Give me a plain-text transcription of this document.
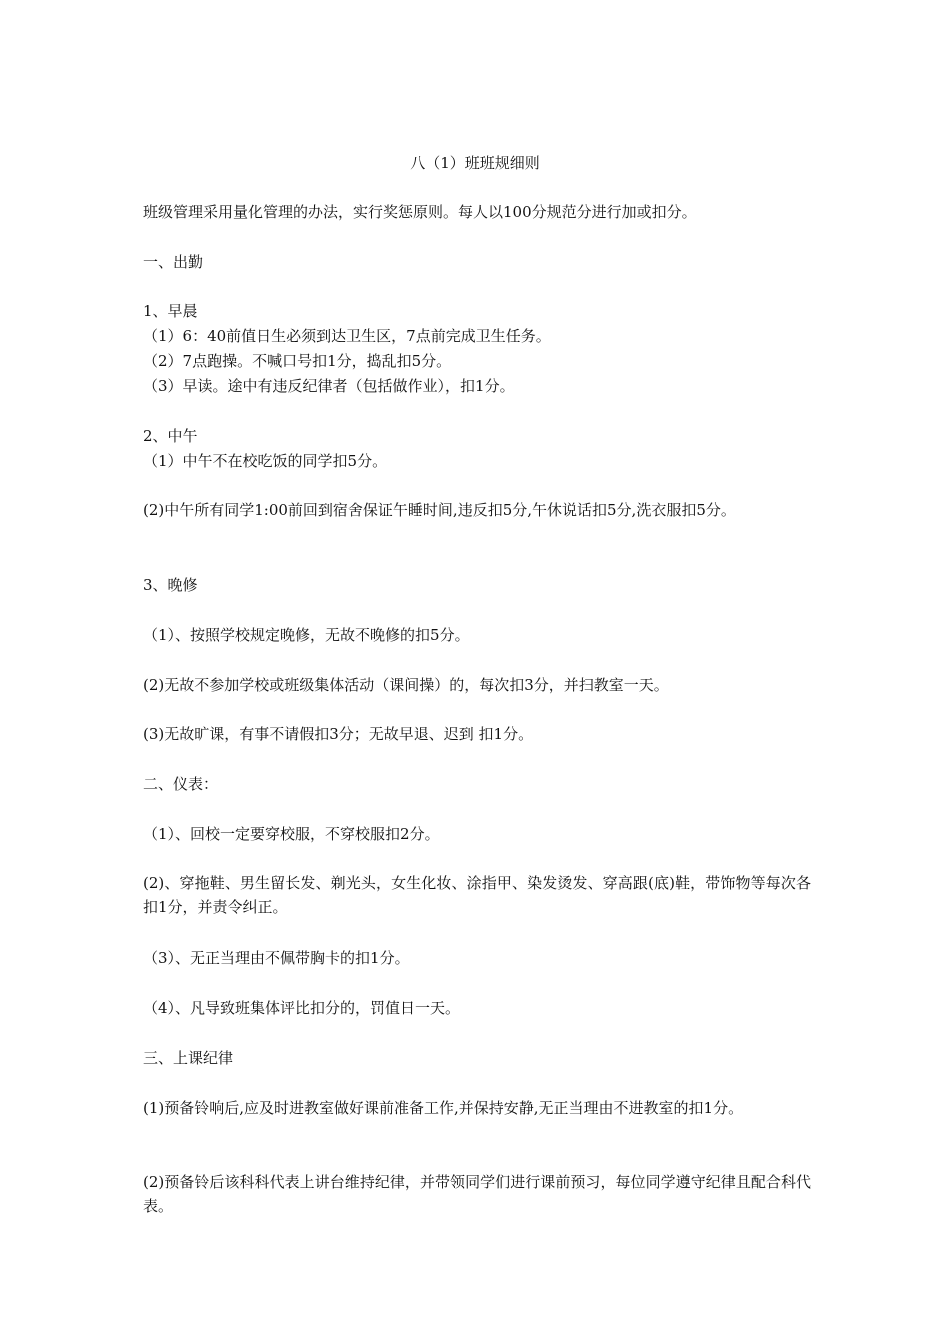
八（1）班班规细则

班级管理采用量化管理的办法，实行奖惩原则。每人以100分规范分进行加或扣分。

一、出勤

1、早晨

（1）6：40前值日生必须到达卫生区，7点前完成卫生任务。

（2）7点跑操。不喊口号扣1分，捣乱扣5分。

（3）早读。途中有违反纪律者（包括做作业），扣1分。

2、中午

（1）中午不在校吃饭的同学扣5分。

(2)中午所有同学1:00前回到宿舍保证午睡时间,违反扣5分,午休说话扣5分,洗衣服扣5分。

3、晚修

（1）、按照学校规定晚修，无故不晚修的扣5分。

(2)无故不参加学校或班级集体活动（课间操）的，每次扣3分，并扫教室一天。

(3)无故旷课，有事不请假扣3分；无故早退、迟到 扣1分。

二、仪表：

（1）、回校一定要穿校服，不穿校服扣2分。

(2)、穿拖鞋、男生留长发、剃光头，女生化妆、涂指甲、染发烫发、穿高跟(底)鞋，带饰物等每次各扣1分，并责令纠正。

（3）、无正当理由不佩带胸卡的扣1分。

（4）、凡导致班集体评比扣分的，罚值日一天。

三、上课纪律

(1)预备铃响后,应及时进教室做好课前准备工作,并保持安静,无正当理由不进教室的扣1分。

(2)预备铃后该科科代表上讲台维持纪律，并带领同学们进行课前预习，每位同学遵守纪律且配合科代表。
